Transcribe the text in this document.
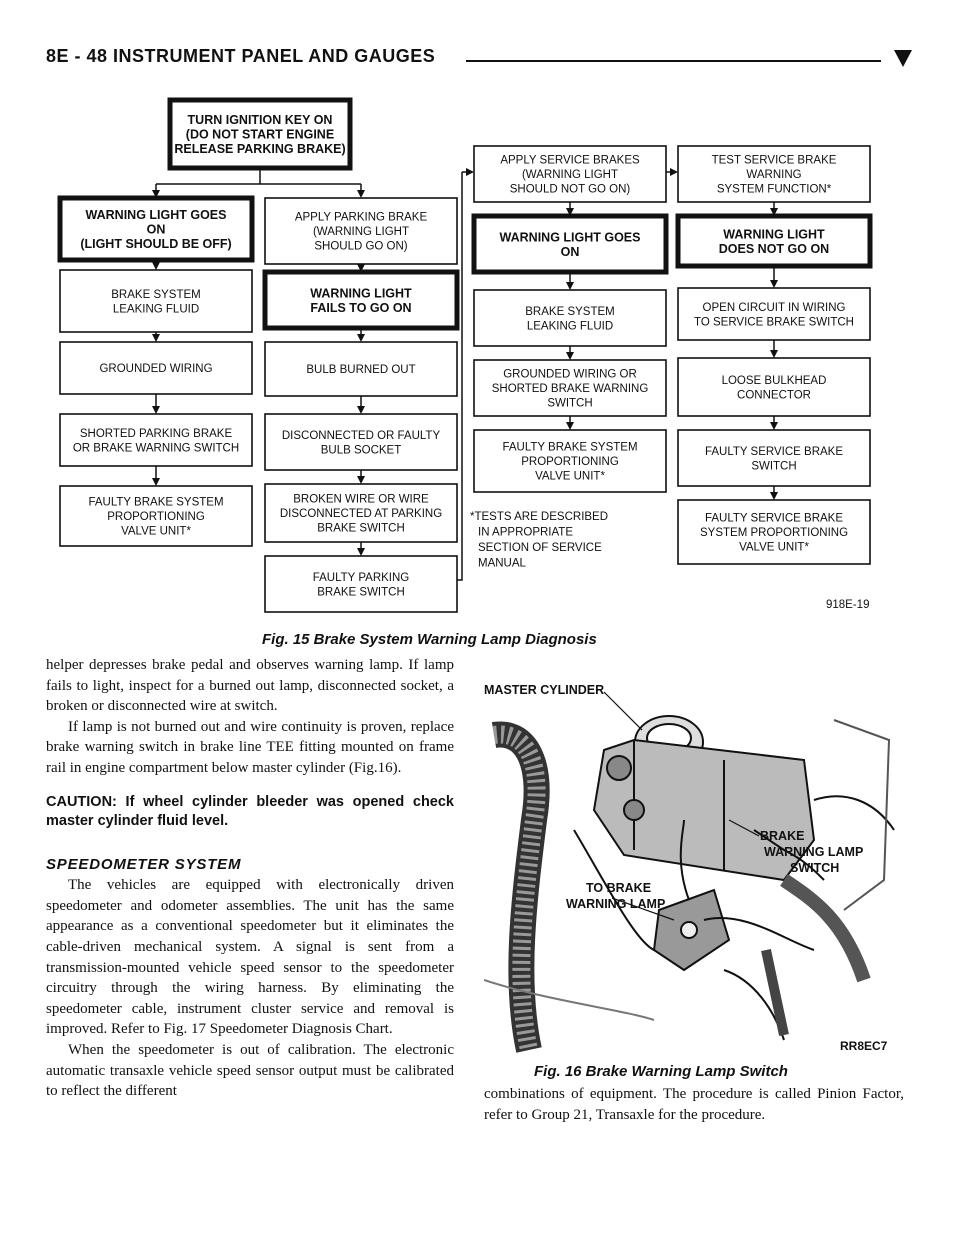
8E - 48 INSTRUMENT PANEL AND GAUGES
TURN IGNITION KEY ON
(DO NOT START ENGINE
RELEASE PARKING BRAKE)
WARNING LIGHT GOES
ON
(LIGHT SHOULD BE OFF)
BRAKE SYSTEM
LEAKING FLUID
GROUNDED WIRING
SHORTED PARKING BRAKE
OR BRAKE WARNING SWITCH
FAULTY BRAKE SYSTEM
PROPORTIONING
VALVE UNIT*
APPLY PARKING BRAKE
(WARNING LIGHT
SHOULD GO ON)
WARNING LIGHT
FAILS TO GO ON
BULB BURNED OUT
DISCONNECTED OR FAULTY
BULB SOCKET
BROKEN WIRE OR WIRE
DISCONNECTED AT PARKING
BRAKE SWITCH
FAULTY PARKING
BRAKE SWITCH
APPLY SERVICE BRAKES
(WARNING LIGHT
SHOULD NOT GO ON)
WARNING LIGHT GOES
ON
BRAKE SYSTEM
LEAKING FLUID
GROUNDED WIRING OR
SHORTED BRAKE WARNING
SWITCH
FAULTY BRAKE SYSTEM
PROPORTIONING
VALVE UNIT*
TEST SERVICE BRAKE
WARNING
SYSTEM FUNCTION*
WARNING LIGHT
DOES NOT GO ON
OPEN CIRCUIT IN WIRING
TO SERVICE BRAKE SWITCH
LOOSE BULKHEAD
CONNECTOR
FAULTY SERVICE BRAKE
SWITCH
FAULTY SERVICE BRAKE
SYSTEM PROPORTIONING
VALVE UNIT*
*TESTS ARE DESCRIBED
IN APPROPRIATE
SECTION OF SERVICE
MANUAL
918E-19
Fig. 15 Brake System Warning Lamp Diagnosis

helper depresses brake pedal and observes warning lamp. If lamp fails to light, inspect for a burned out lamp, disconnected socket, a broken or disconnected wire at switch.

If lamp is not burned out and wire continuity is proven, replace brake warning switch in brake line TEE fitting mounted on frame rail in engine compartment below master cylinder (Fig.16).

CAUTION: If wheel cylinder bleeder was opened check master cylinder fluid level.

SPEEDOMETER SYSTEM

The vehicles are equipped with electronically driven speedometer and odometer assemblies. The unit has the same appearance as a conventional speedometer but it eliminates the cable-driven mechanical system. A signal is sent from a transmission-mounted vehicle speed sensor to the speedometer circuitry through the wiring harness. By eliminating the speedometer cable, instrument cluster service and removal is improved. Refer to Fig. 17 Speedometer Diagnosis Chart.

When the speedometer is out of calibration. The electronic automatic transaxle vehicle speed sensor output must be calibrated to reflect the different

MASTER CYLINDER
BRAKE
WARNING LAMP
SWITCH
TO BRAKE
WARNING LAMP
RR8EC7
Fig. 16 Brake Warning Lamp Switch

combinations of equipment. The procedure is called Pinion Factor, refer to Group 21, Transaxle for the procedure.
